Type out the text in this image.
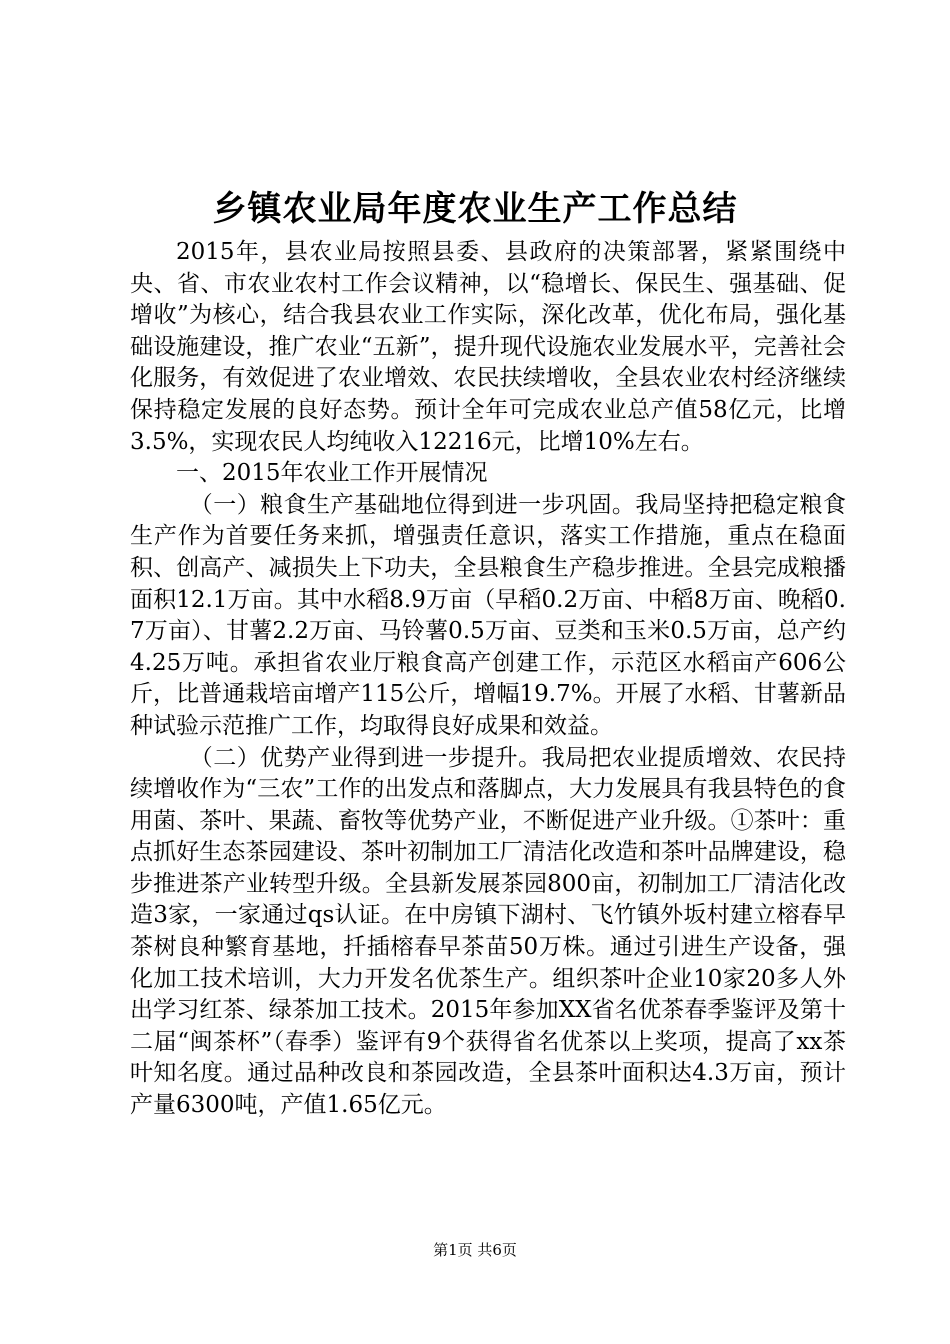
乡镇农业局年度农业生产工作总结

2015年，县农业局按照县委、县政府的决策部署，紧紧围绕中央、省、市农业农村工作会议精神，以“稳增长、保民生、强基础、促增收”为核心，结合我县农业工作实际，深化改革，优化布局，强化基础设施建设，推广农业“五新”，提升现代设施农业发展水平，完善社会化服务，有效促进了农业增效、农民扶续增收，全县农业农村经济继续保持稳定发展的良好态势。预计全年可完成农业总产值58亿元，比增3.5%，实现农民人均纯收入12216元，比增10%左右。

一、2015年农业工作开展情况

（一）粮食生产基础地位得到进一步巩固。我局坚持把稳定粮食生产作为首要任务来抓，增强责任意识，落实工作措施，重点在稳面积、创高产、减损失上下功夫，全县粮食生产稳步推进。全县完成粮播面积12.1万亩。其中水稻8.9万亩（早稻0.2万亩、中稻8万亩、晚稻0.7万亩）、甘薯2.2万亩、马铃薯0.5万亩、豆类和玉米0.5万亩，总产约4.25万吨。承担省农业厅粮食高产创建工作，示范区水稻亩产606公斤，比普通栽培亩增产115公斤，增幅19.7%。开展了水稻、甘薯新品种试验示范推广工作，均取得良好成果和效益。

（二）优势产业得到进一步提升。我局把农业提质增效、农民持续增收作为“三农”工作的出发点和落脚点，大力发展具有我县特色的食用菌、茶叶、果蔬、畜牧等优势产业，不断促进产业升级。①茶叶：重点抓好生态茶园建设、茶叶初制加工厂清洁化改造和茶叶品牌建设，稳步推进茶产业转型升级。全县新发展茶园800亩，初制加工厂清洁化改造3家，一家通过qs认证。在中房镇下湖村、飞竹镇外坂村建立榕春早茶树良种繁育基地，扦插榕春早茶苗50万株。通过引进生产设备，强化加工技术培训，大力开发名优茶生产。组织茶叶企业10家20多人外出学习红茶、绿茶加工技术。2015年参加XX省名优茶春季鉴评及第十二届“闽茶杯”（春季）鉴评有9个获得省名优茶以上奖项，提高了xx茶叶知名度。通过品种改良和茶园改造，全县茶叶面积达4.3万亩，预计产量6300吨，产值1.65亿元。

第1页 共6页
